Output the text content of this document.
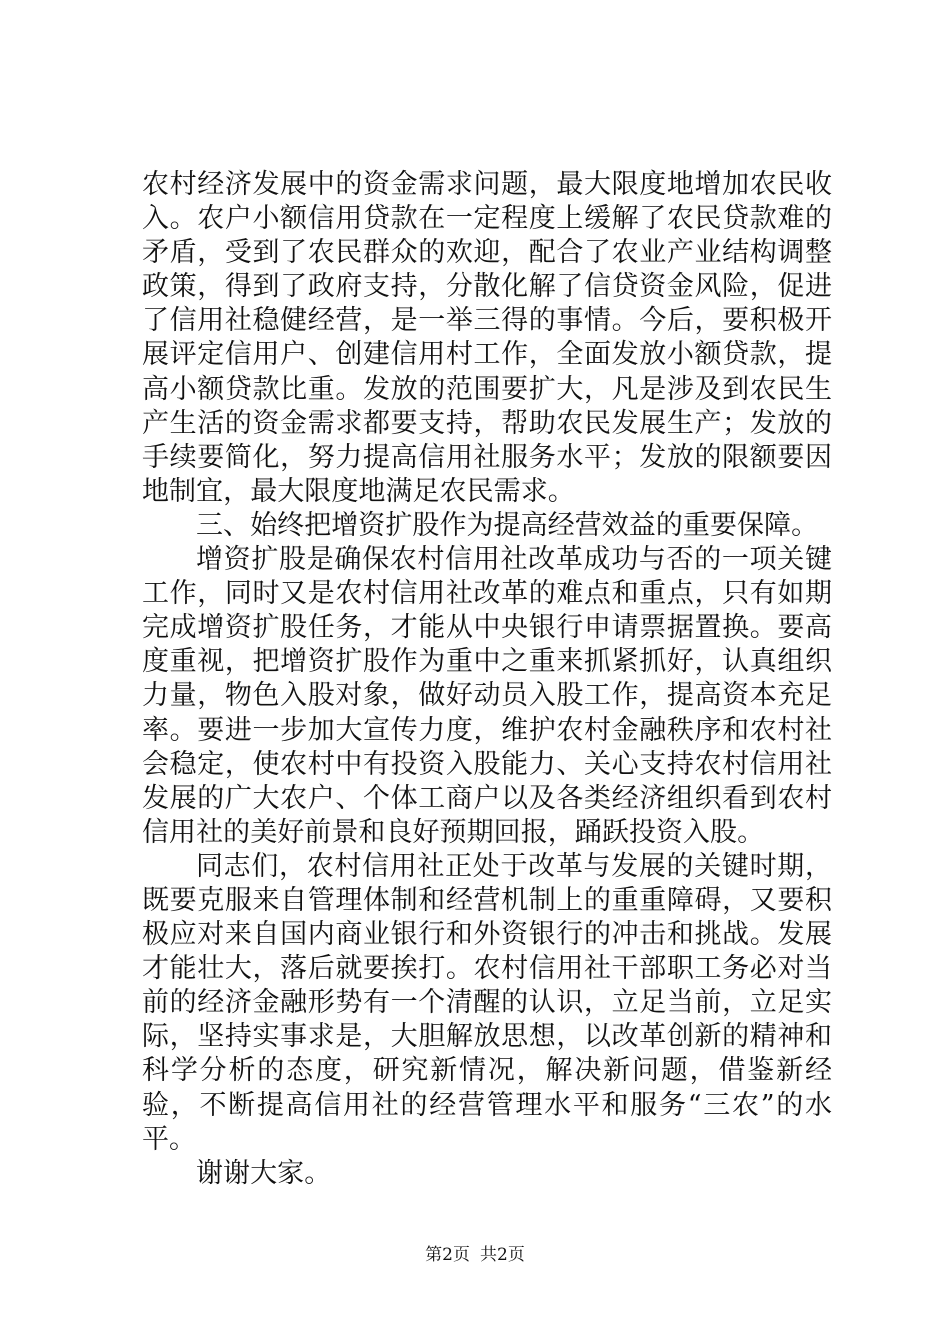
农村经济发展中的资金需求问题，最大限度地增加农民收入。农户小额信用贷款在一定程度上缓解了农民贷款难的矛盾，受到了农民群众的欢迎，配合了农业产业结构调整政策，得到了政府支持，分散化解了信贷资金风险，促进了信用社稳健经营，是一举三得的事情。今后，要积极开展评定信用户、创建信用村工作，全面发放小额贷款，提高小额贷款比重。发放的范围要扩大，凡是涉及到农民生产生活的资金需求都要支持，帮助农民发展生产；发放的手续要简化，努力提高信用社服务水平；发放的限额要因地制宜，最大限度地满足农民需求。

三、始终把增资扩股作为提高经营效益的重要保障。

增资扩股是确保农村信用社改革成功与否的一项关键工作，同时又是农村信用社改革的难点和重点，只有如期完成增资扩股任务，才能从中央银行申请票据置换。要高度重视，把增资扩股作为重中之重来抓紧抓好，认真组织力量，物色入股对象，做好动员入股工作，提高资本充足率。要进一步加大宣传力度，维护农村金融秩序和农村社会稳定，使农村中有投资入股能力、关心支持农村信用社发展的广大农户、个体工商户以及各类经济组织看到农村信用社的美好前景和良好预期回报，踊跃投资入股。

同志们，农村信用社正处于改革与发展的关键时期，既要克服来自管理体制和经营机制上的重重障碍，又要积极应对来自国内商业银行和外资银行的冲击和挑战。发展才能壮大，落后就要挨打。农村信用社干部职工务必对当前的经济金融形势有一个清醒的认识，立足当前，立足实际，坚持实事求是，大胆解放思想，以改革创新的精神和科学分析的态度，研究新情况，解决新问题，借鉴新经验，不断提高信用社的经营管理水平和服务“三农”的水平。

谢谢大家。

第2页 共2页
